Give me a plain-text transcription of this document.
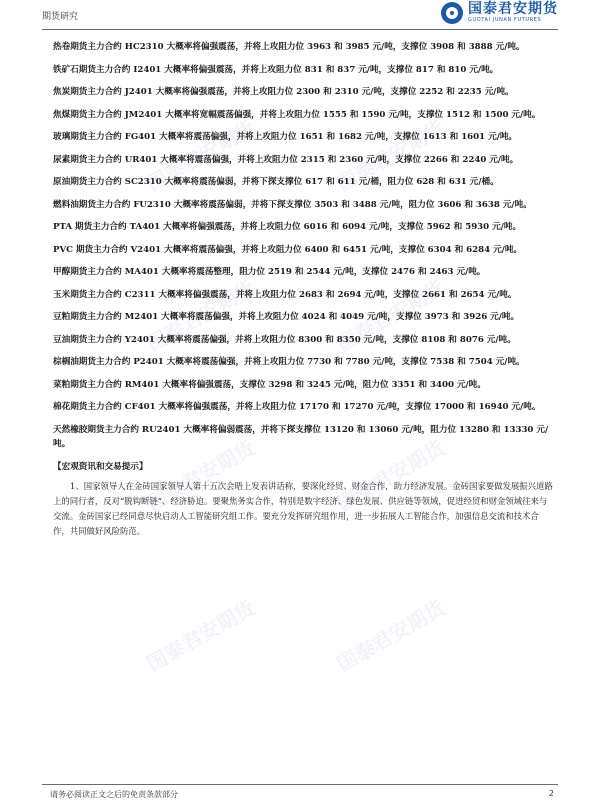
期货研究	国泰君安期货
GUOTAI JUNAN FUTURES
国泰君安期货	国泰君安期货
国泰君安期货	国泰君安期货
国泰君安期货	国泰君安期货
国泰君安期货	国泰君安期货

热卷期货主力合约 HC2310 大概率将偏强震荡，并将上攻阻力位 3963 和 3985 元/吨，支撑位 3908 和 3888 元/吨。

铁矿石期货主力合约 I2401 大概率将偏强震荡，并将上攻阻力位 831 和 837 元/吨，支撑位 817 和 810 元/吨。

焦炭期货主力合约 J2401 大概率将偏强震荡，并将上攻阻力位 2300 和 2310 元/吨，支撑位 2252 和 2235 元/吨。

焦煤期货主力合约 JM2401 大概率将宽幅震荡偏强，并将上攻阻力位 1555 和 1590 元/吨，支撑位 1512 和 1500 元/吨。

玻璃期货主力合约 FG401 大概率将震荡偏强，并将上攻阻力位 1651 和 1682 元/吨，支撑位 1613 和 1601 元/吨。

尿素期货主力合约 UR401 大概率将震荡偏强，并将上攻阻力位 2315 和 2360 元/吨，支撑位 2266 和 2240 元/吨。

原油期货主力合约 SC2310 大概率将震荡偏弱，并将下探支撑位 617 和 611 元/桶，阻力位 628 和 631 元/桶。

燃料油期货主力合约 FU2310 大概率将震荡偏弱，并将下探支撑位 3503 和 3488 元/吨，阻力位 3606 和 3638 元/吨。

PTA 期货主力合约 TA401 大概率将偏强震荡，并将上攻阻力位 6016 和 6094 元/吨，支撑位 5962 和 5930 元/吨。

PVC 期货主力合约 V2401 大概率将震荡偏强，并将上攻阻力位 6400 和 6451 元/吨，支撑位 6304 和 6284 元/吨。

甲醇期货主力合约 MA401 大概率将震荡整理，阻力位 2519 和 2544 元/吨，支撑位 2476 和 2463 元/吨。

玉米期货主力合约 C2311 大概率将偏强震荡，并将上攻阻力位 2683 和 2694 元/吨，支撑位 2661 和 2654 元/吨。

豆粕期货主力合约 M2401 大概率将震荡偏强，并将上攻阻力位 4024 和 4049 元/吨，支撑位 3973 和 3926 元/吨。

豆油期货主力合约 Y2401 大概率将震荡偏强，并将上攻阻力位 8300 和 8350 元/吨，支撑位 8108 和 8076 元/吨。

棕榈油期货主力合约 P2401 大概率将震荡偏强，并将上攻阻力位 7730 和 7780 元/吨，支撑位 7538 和 7504 元/吨。

菜粕期货主力合约 RM401 大概率将偏强震荡，支撑位 3298 和 3245 元/吨，阻力位 3351 和 3400 元/吨。

棉花期货主力合约 CF401 大概率将偏强震荡，并将上攻阻力位 17170 和 17270 元/吨，支撑位 17000 和 16940 元/吨。

天然橡胶期货主力合约 RU2401 大概率将偏弱震荡，并将下探支撑位 13120 和 13060 元/吨，阻力位 13280 和 13330 元/吨。

【宏观资讯和交易提示】

1、国家领导人在金砖国家领导人第十五次会晤上发表讲话称，要深化经贸、财金合作，助力经济发展。金砖国家要做发展振兴道路上的同行者，反对“脱钩断链”、经济胁迫。要聚焦务实合作，特别是数字经济、绿色发展、供应链等领域，促进经贸和财金领域往来与交流。金砖国家已经同意尽快启动人工智能研究组工作。要充分发挥研究组作用，进一步拓展人工智能合作，加强信息交流和技术合作，共同做好风险防范。

请务必阅读正文之后的免责条款部分	2
